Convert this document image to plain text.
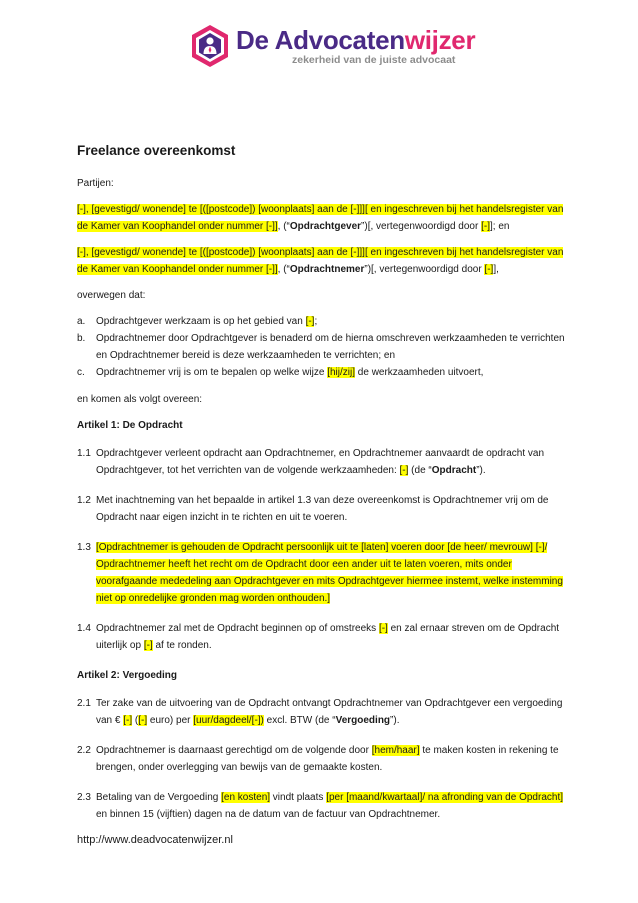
De Advocatenwijzer
zekerheid van de juiste advocaat
Freelance overeenkomst

Partijen:

[-], [gevestigd/ wonende] te [([postcode]) [woonplaats] aan de [-]]][ en ingeschreven bij het handelsregister van de Kamer van Koophandel onder nummer [-]], (“Opdrachtgever”)[, vertegenwoordigd door [-]]; en

[-], [gevestigd/ wonende] te [([postcode]) [woonplaats] aan de [-]]][ en ingeschreven bij het handelsregister van de Kamer van Koophandel onder nummer [-]], (“Opdrachtnemer”)[, vertegenwoordigd door [-]],

overwegen dat:

a. Opdrachtgever werkzaam is op het gebied van [-];
b. Opdrachtnemer door Opdrachtgever is benaderd om de hierna omschreven werkzaamheden te verrichten en Opdrachtnemer bereid is deze werkzaamheden te verrichten; en
c. Opdrachtnemer vrij is om te bepalen op welke wijze [hij/zij] de werkzaamheden uitvoert,

en komen als volgt overeen:

Artikel 1: De Opdracht
1.1 Opdrachtgever verleent opdracht aan Opdrachtnemer, en Opdrachtnemer aanvaardt de opdracht van Opdrachtgever, tot het verrichten van de volgende werkzaamheden: [-] (de “Opdracht”).
1.2 Met inachtneming van het bepaalde in artikel 1.3 van deze overeenkomst is Opdrachtnemer vrij om de Opdracht naar eigen inzicht in te richten en uit te voeren.
1.3 [Opdrachtnemer is gehouden de Opdracht persoonlijk uit te [laten] voeren door [de heer/ mevrouw] [-]/ Opdrachtnemer heeft het recht om de Opdracht door een ander uit te laten voeren, mits onder voorafgaande mededeling aan Opdrachtgever en mits Opdrachtgever hiermee instemt, welke instemming niet op onredelijke gronden mag worden onthouden.]
1.4 Opdrachtnemer zal met de Opdracht beginnen op of omstreeks [-] en zal ernaar streven om de Opdracht uiterlijk op [-] af te ronden.
Artikel 2: Vergoeding
2.1 Ter zake van de uitvoering van de Opdracht ontvangt Opdrachtnemer van Opdrachtgever een vergoeding van € [-] ([-] euro) per [uur/dagdeel/[-]) excl. BTW (de “Vergoeding”).
2.2 Opdrachtnemer is daarnaast gerechtigd om de volgende door [hem/haar] te maken kosten in rekening te brengen, onder overlegging van bewijs van de gemaakte kosten.
2.3 Betaling van de Vergoeding [en kosten] vindt plaats [per [maand/kwartaal]/ na afronding van de Opdracht] en binnen 15 (vijftien) dagen na de datum van de factuur van Opdrachtnemer.
http://www.deadvocatenwijzer.nl
